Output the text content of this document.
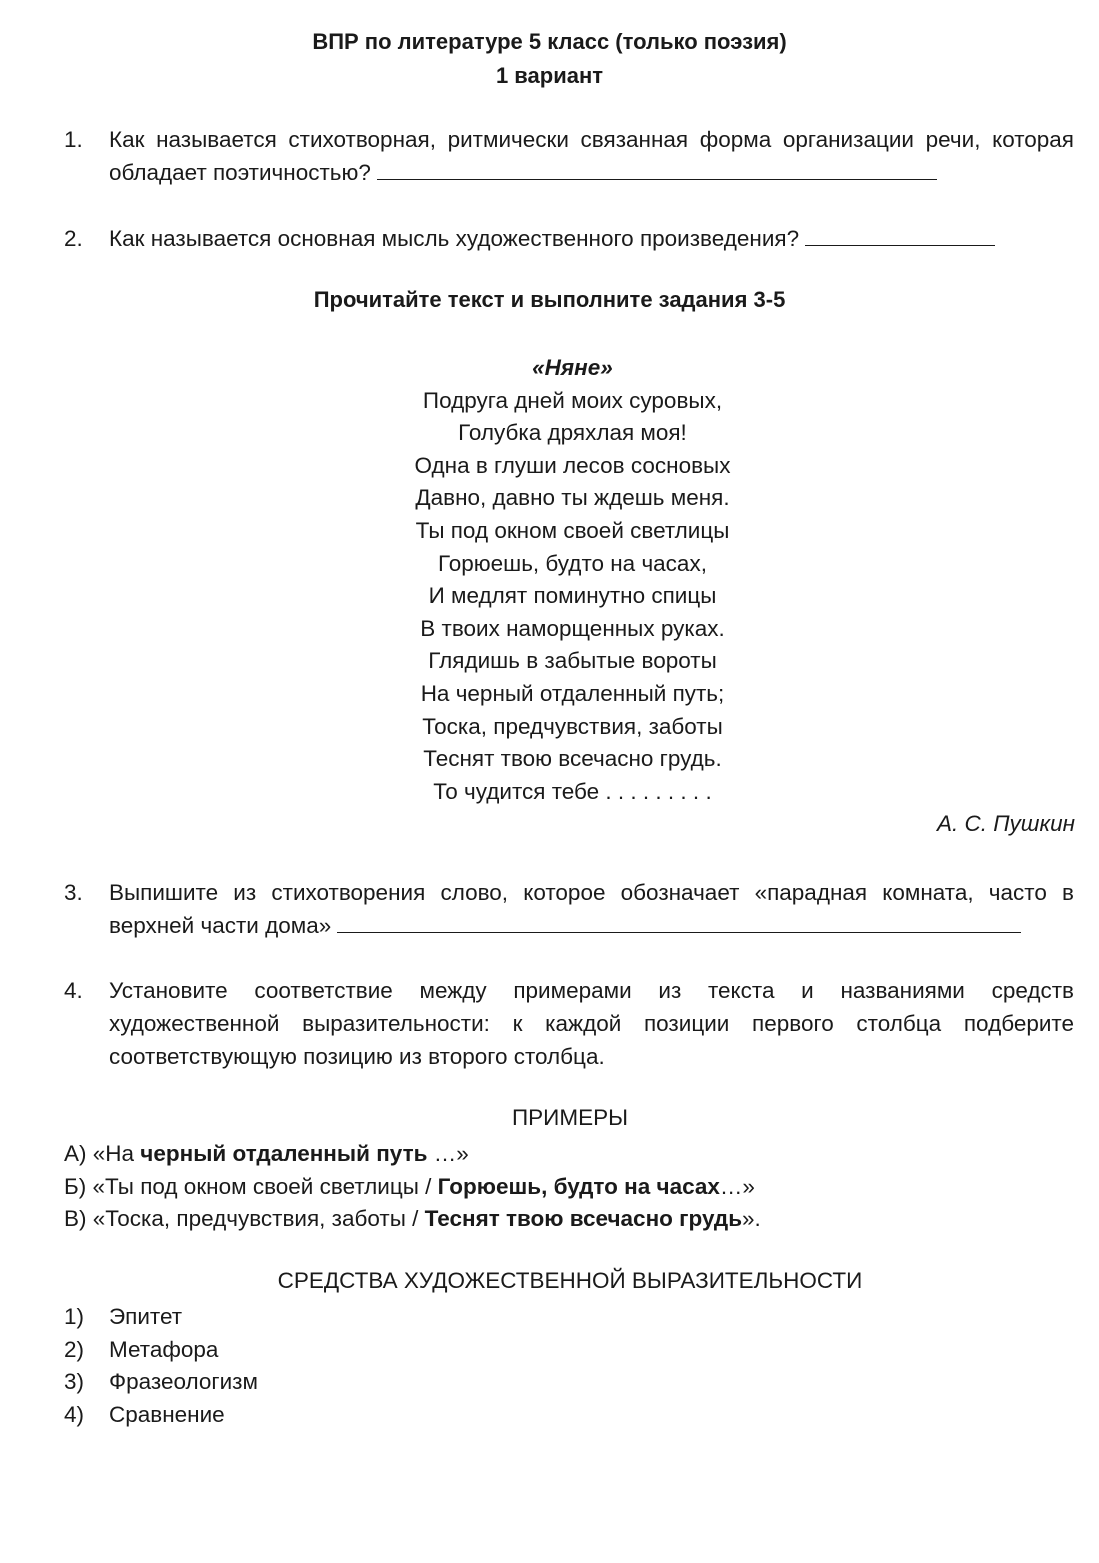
ВПР по литературе 5 класс (только поэзия)
1 вариант
1.	Как называется стихотворная, ритмически связанная форма организации речи, которая обладает поэтичностью?
2.	Как называется основная мысль художественного произведения?
Прочитайте текст и выполните задания 3-5
«Няне»
Подруга дней моих суровых,
Голубка дряхлая моя!
Одна в глуши лесов сосновых
Давно, давно ты ждешь меня.
Ты под окном своей светлицы
Горюешь, будто на часах,
И медлят поминутно спицы
В твоих наморщенных руках.
Глядишь в забытые вороты
На черный отдаленный путь;
Тоска, предчувствия, заботы
Теснят твою всечасно грудь.
То чудится тебе . . . . . . . . .
А. С. Пушкин
3.	Выпишите из стихотворения слово, которое обозначает «парадная комната, часто в верхней части дома»
4.	Установите соответствие между примерами из текста и названиями средств художественной выразительности: к каждой позиции первого столбца подберите соответствующую позицию из второго столбца.
ПРИМЕРЫ
А) «На черный отдаленный путь …»
Б) «Ты под окном своей светлицы / Горюешь, будто на часах…»
В) «Тоска, предчувствия, заботы / Теснят твою всечасно грудь».
СРЕДСТВА ХУДОЖЕСТВЕННОЙ ВЫРАЗИТЕЛЬНОСТИ
1) Эпитет
2) Метафора
3) Фразеологизм
4) Сравнение
